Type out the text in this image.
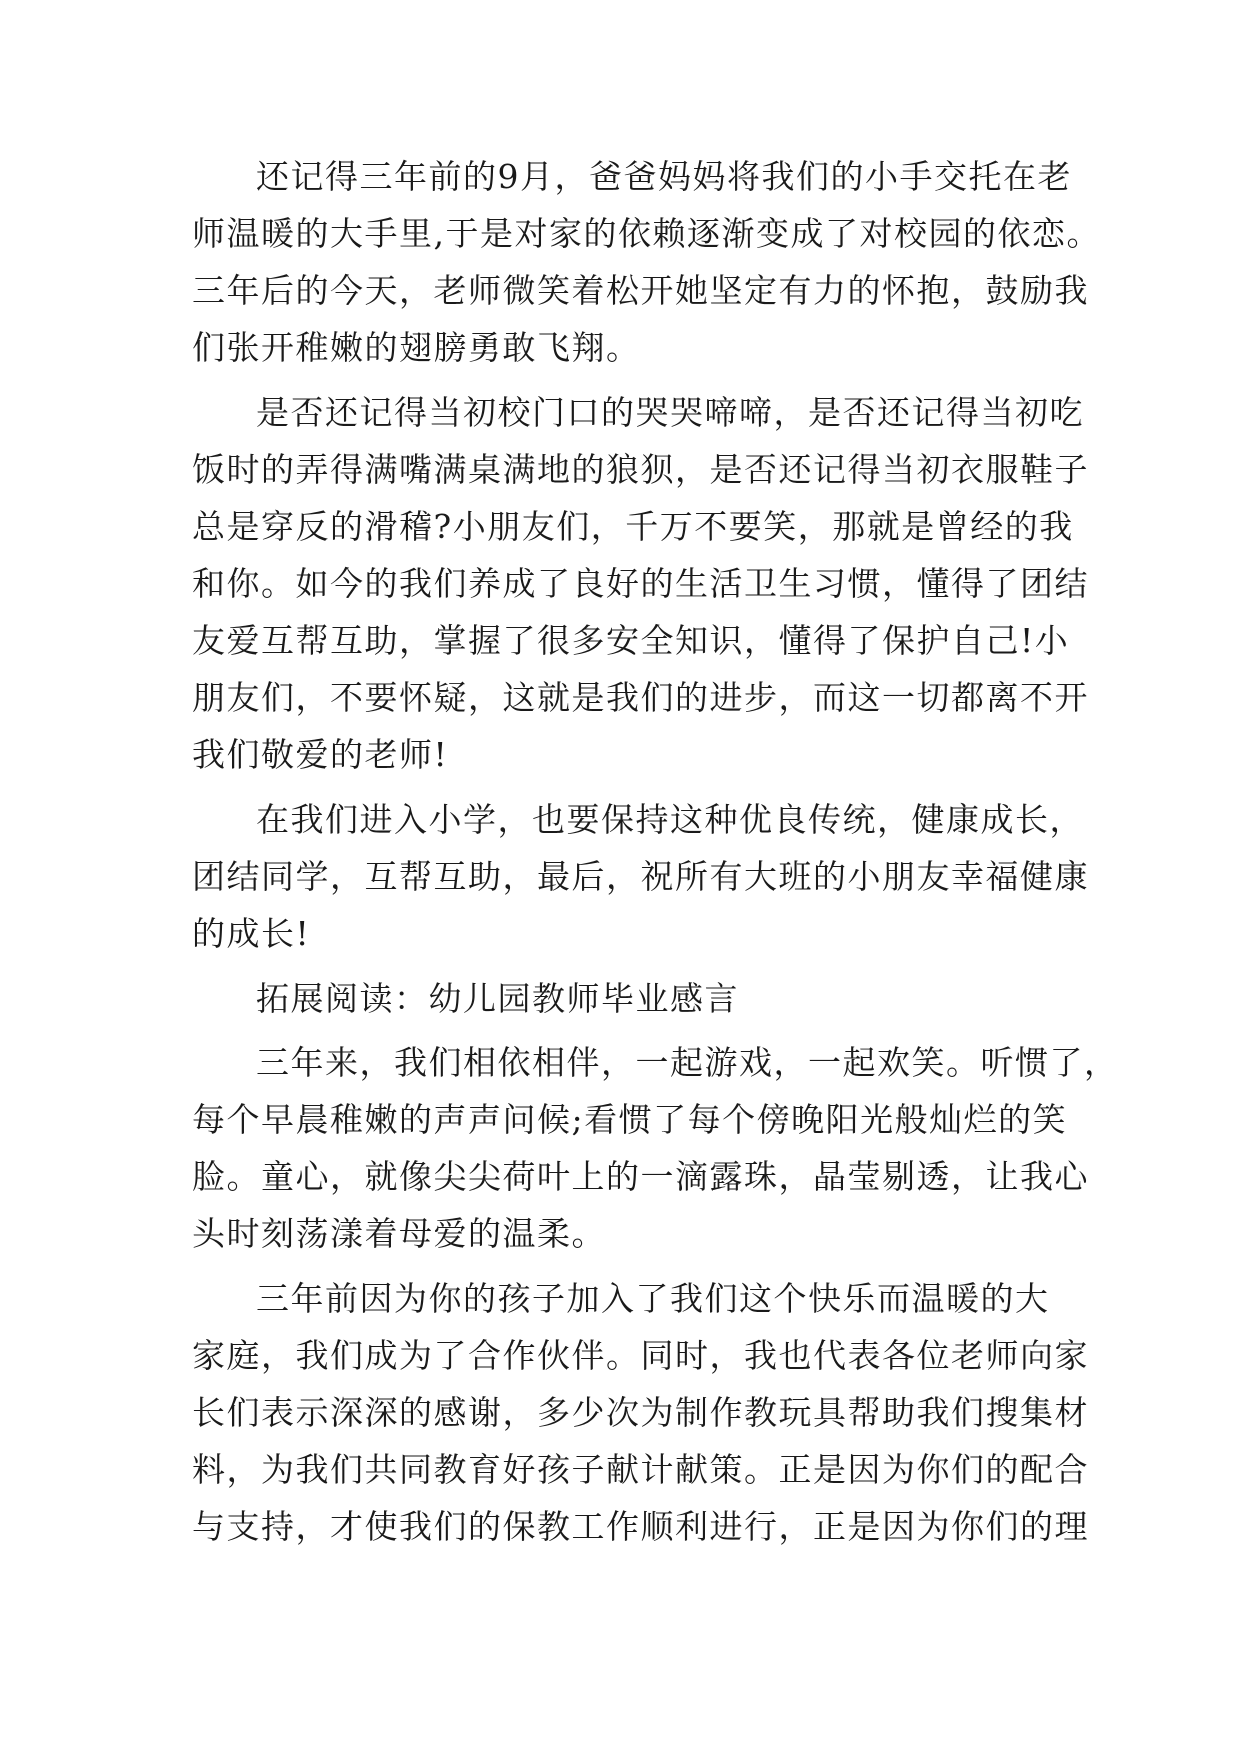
还记得三年前的9月，爸爸妈妈将我们的小手交托在老
师温暖的大手里,于是对家的依赖逐渐变成了对校园的依恋。
三年后的今天，老师微笑着松开她坚定有力的怀抱，鼓励我
们张开稚嫩的翅膀勇敢飞翔。
是否还记得当初校门口的哭哭啼啼，是否还记得当初吃
饭时的弄得满嘴满桌满地的狼狈，是否还记得当初衣服鞋子
总是穿反的滑稽?小朋友们，千万不要笑，那就是曾经的我
和你。如今的我们养成了良好的生活卫生习惯，懂得了团结
友爱互帮互助，掌握了很多安全知识，懂得了保护自己!小
朋友们，不要怀疑，这就是我们的进步，而这一切都离不开
我们敬爱的老师!
在我们进入小学，也要保持这种优良传统，健康成长，
团结同学，互帮互助，最后，祝所有大班的小朋友幸福健康
的成长!
拓展阅读：幼儿园教师毕业感言
三年来，我们相依相伴，一起游戏，一起欢笑。听惯了，
每个早晨稚嫩的声声问候;看惯了每个傍晚阳光般灿烂的笑
脸。童心，就像尖尖荷叶上的一滴露珠，晶莹剔透，让我心
头时刻荡漾着母爱的温柔。
三年前因为你的孩子加入了我们这个快乐而温暖的大
家庭，我们成为了合作伙伴。同时，我也代表各位老师向家
长们表示深深的感谢，多少次为制作教玩具帮助我们搜集材
料，为我们共同教育好孩子献计献策。正是因为你们的配合
与支持，才使我们的保教工作顺利进行，正是因为你们的理
